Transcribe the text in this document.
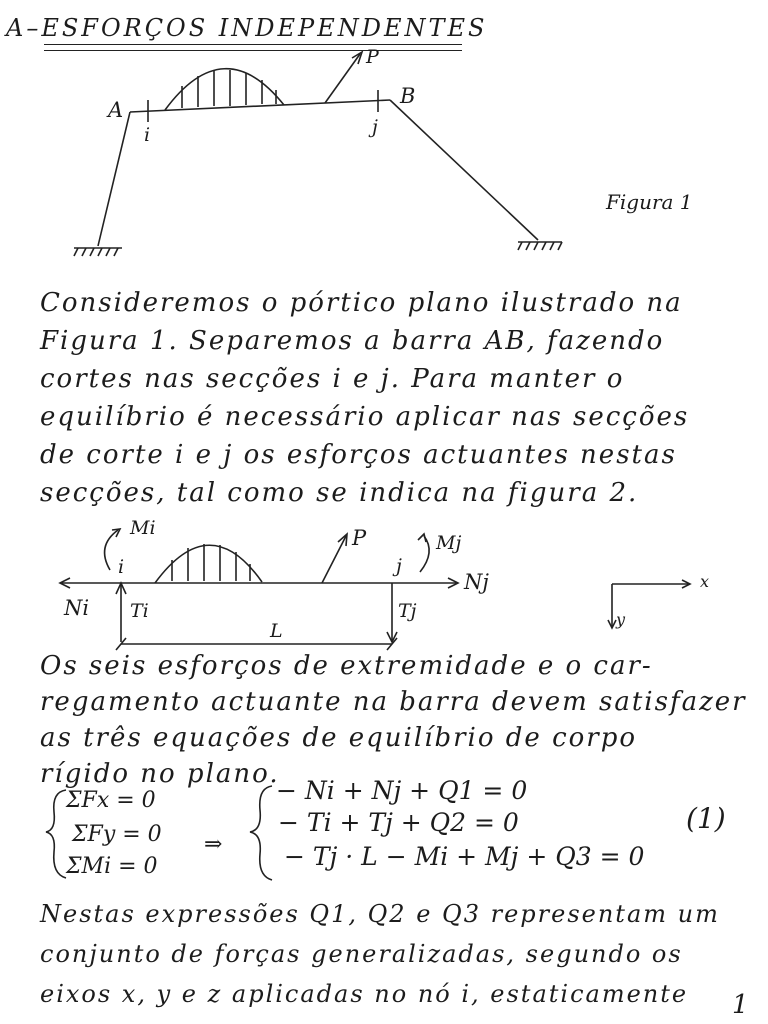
A–ESFORÇOS INDEPENDENTES
A
B
i	j
P
Figura 1
Consideremos o pórtico plano ilustrado na
Figura 1. Separemos a barra AB, fazendo
cortes nas secções i e j. Para manter o
equilíbrio é necessário aplicar nas secções
de corte i e j os esforços actuantes nestas
secções, tal como se indica na figura 2.
Mi
i
Ni Ti
P
j
Mj
Nj
Tj
L
x
y
Os seis esforços de extremidade e o car-
regamento actuante na barra devem satisfazer
as três equações de equilíbrio de corpo
rígido no plano.
ΣFx = 0
ΣFy = 0
ΣMi = 0
⇒
− Ni + Nj + Q1 = 0
− Ti + Tj + Q2 = 0
− Tj · L − Mi + Mj + Q3 = 0
(1)
Nestas expressões Q1, Q2 e Q3 representam um
conjunto de forças generalizadas, segundo os
eixos x, y e z aplicadas no nó i, estaticamente	1
